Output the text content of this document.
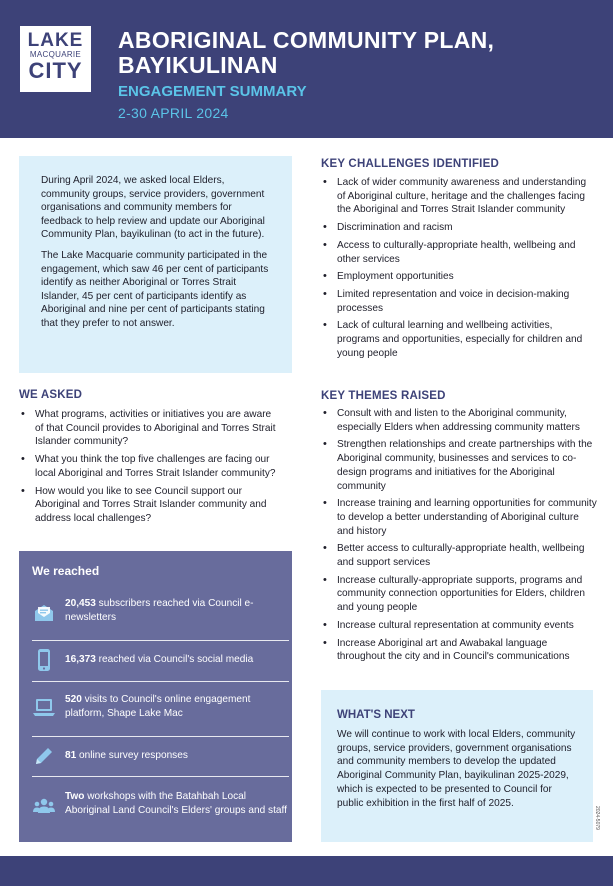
LAKE
MACQUARIE
CITY
ABORIGINAL COMMUNITY PLAN,
BAYIKULINAN
ENGAGEMENT SUMMARY
2-30 APRIL 2024

During April 2024, we asked local Elders, community groups, service providers, government organisations and community members for feedback to help review and update our Aboriginal Community Plan, bayikulinan (to act in the future).

The Lake Macquarie community participated in the engagement, which saw 46 per cent of participants identify as neither Aboriginal or Torres Strait Islander, 45 per cent of participants identify as Aboriginal and nine per cent of participants stating that they prefer to not answer.

WE ASKED
• What programs, activities or initiatives you are aware of that Council provides to Aboriginal and Torres Strait Islander community?
• What you think the top five challenges are facing our local Aboriginal and Torres Strait Islander community?
• How would you like to see Council support our Aboriginal and Torres Strait Islander community and address local challenges?
We reached
20,453 subscribers reached via Council e-newsletters
16,373 reached via Council's social media
520 visits to Council's online engagement platform, Shape Lake Mac
81 online survey responses
Two workshops with the Batahbah Local Aboriginal Land Council's Elders' groups and staff
KEY CHALLENGES IDENTIFIED
• Lack of wider community awareness and understanding of Aboriginal culture, heritage and the challenges facing the Aboriginal and Torres Strait Islander community
• Discrimination and racism
• Access to culturally-appropriate health, wellbeing and other services
• Employment opportunities
• Limited representation and voice in decision-making processes
• Lack of cultural learning and wellbeing activities, programs and opportunities, especially for children and young people
KEY THEMES RAISED
• Consult with and listen to the Aboriginal community, especially Elders when addressing community matters
• Strengthen relationships and create partnerships with the Aboriginal community, businesses and services to co-design programs and initiatives for the Aboriginal community
• Increase training and learning opportunities for community to develop a better understanding of Aboriginal culture and history
• Better access to culturally-appropriate health, wellbeing and support services
• Increase culturally-appropriate supports, programs and community connection opportunities for Elders, children and young people
• Increase cultural representation at community events
• Increase Aboriginal art and Awabakal language throughout the city and in Council's communications
WHAT'S NEXT
We will continue to work with local Elders, community groups, service providers, government organisations and community members to develop the updated Aboriginal Community Plan, bayikulinan 2025-2029, which is expected to be presented to Council for public exhibition in the first half of 2025.
2024-5079
